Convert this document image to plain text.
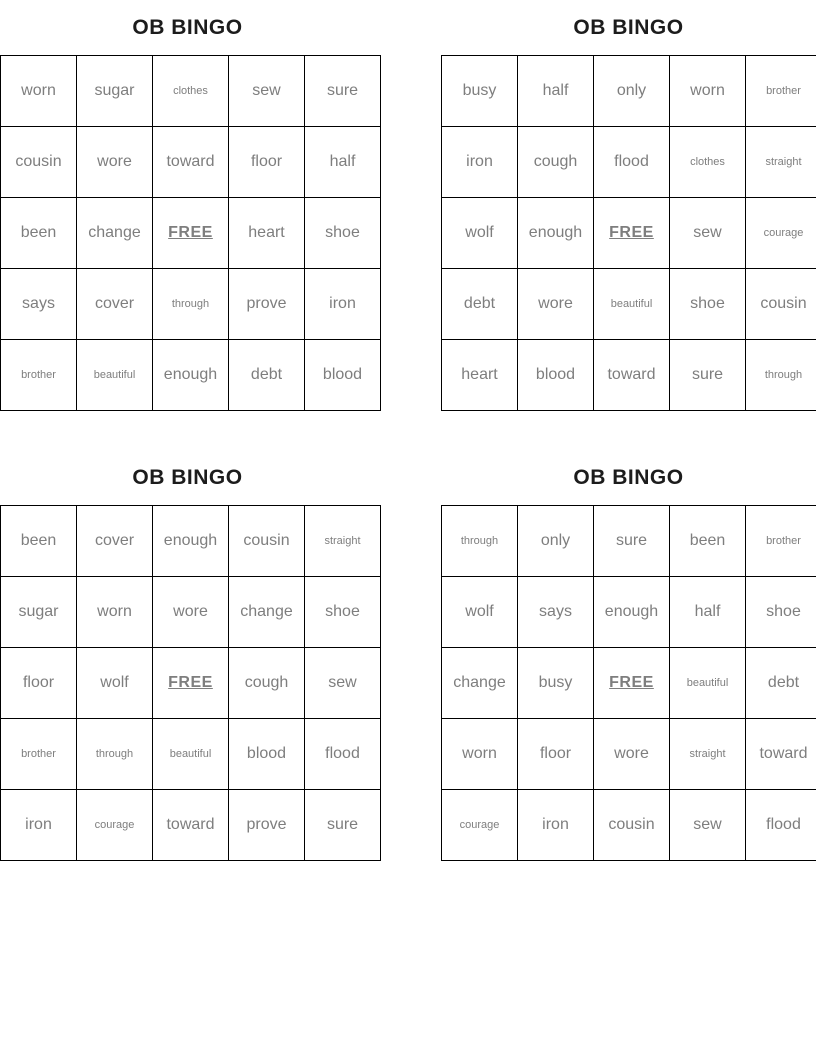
OB BINGO
worn	sugar	clothes	sew	sure
cousin	wore	toward	floor	half
been	change	FREE	heart	shoe
says	cover	through	prove	iron
brother	beautiful	enough	debt	blood
OB BINGO
busy	half	only	worn	brother
iron	cough	flood	clothes	straight
wolf	enough	FREE	sew	courage
debt	wore	beautiful	shoe	cousin
heart	blood	toward	sure	through
OB BINGO
been	cover	enough	cousin	straight
sugar	worn	wore	change	shoe
floor	wolf	FREE	cough	sew
brother	through	beautiful	blood	flood
iron	courage	toward	prove	sure
OB BINGO
through	only	sure	been	brother
wolf	says	enough	half	shoe
change	busy	FREE	beautiful	debt
worn	floor	wore	straight	toward
courage	iron	cousin	sew	flood
